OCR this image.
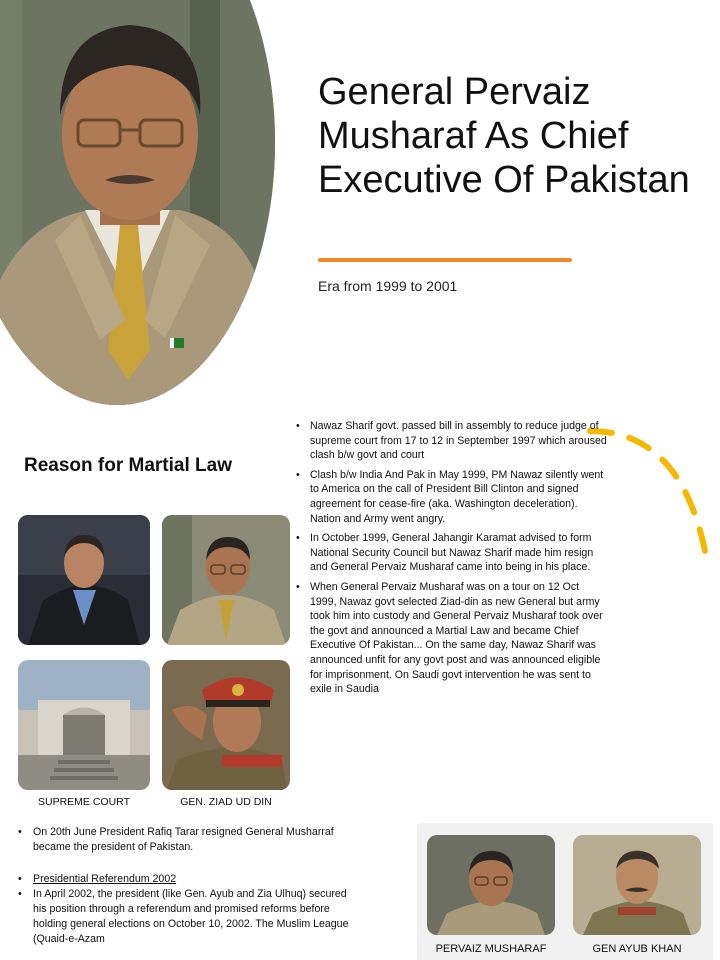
General Pervaiz Musharaf As Chief Executive Of Pakistan

Era from 1999 to 2001

Reason for Martial Law
SUPREME COURT	GEN. ZIAD UD DIN
• Nawaz Sharif govt. passed bill in assembly to reduce judge of supreme court from 17 to 12 in September 1997 which aroused clash b/w govt and court
• Clash b/w India And Pak in May 1999, PM Nawaz silently went to America on the call of President Bill Clinton and signed agreement for cease-fire (aka. Washington deceleration). Nation and Army went angry.
• In October 1999, General Jahangir Karamat advised to form National Security Council but Nawaz Sharif made him resign and General Pervaiz Musharaf came into being in his place.
• When General Pervaiz Musharaf was on a tour on 12 Oct 1999, Nawaz govt selected Ziad-din as new General but army took him into custody and General Pervaiz Musharaf took over the govt and announced a Martial Law and became Chief Executive Of Pakistan... On the same day, Nawaz Sharif was announced unfit for any govt post and was announced eligible for imprisonment. On Saudi govt intervention he was sent to exile in Saudia
• On 20th June President Rafiq Tarar resigned General Musharraf became the president of Pakistan.
• Presidential Referendum 2002
• In April 2002, the president (like Gen. Ayub and Zia Ulhuq) secured his position through a referendum and promised reforms before holding general elections on October 10, 2002. The Muslim League (Quaid-e-Azam
PERVAIZ MUSHARAF	GEN AYUB KHAN
